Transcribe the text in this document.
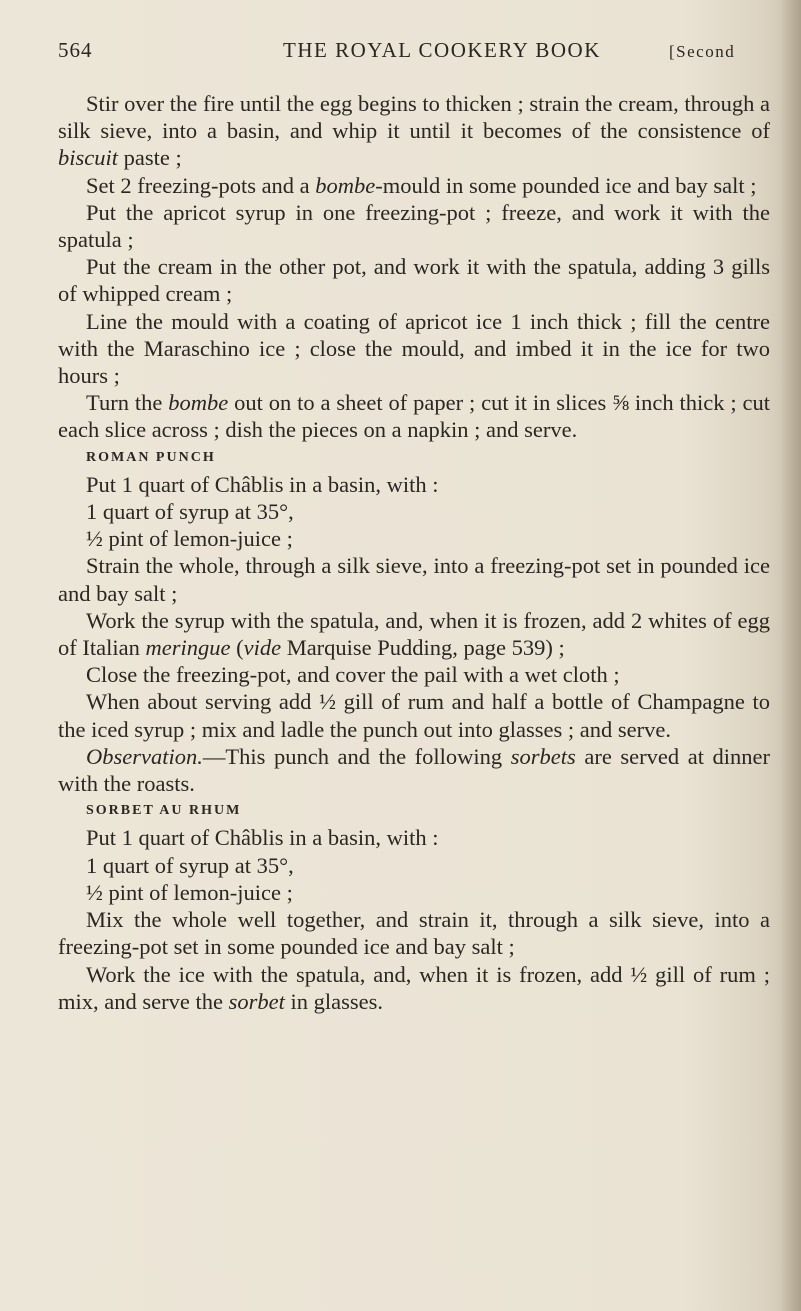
564	THE ROYAL COOKERY BOOK	[Second

Stir over the fire until the egg begins to thicken ; strain the cream, through a silk sieve, into a basin, and whip it until it becomes of the consistence of biscuit paste ;

Set 2 freezing-pots and a bombe-mould in some pounded ice and bay salt ;

Put the apricot syrup in one freezing-pot ; freeze, and work it with the spatula ;

Put the cream in the other pot, and work it with the spatula, adding 3 gills of whipped cream ;

Line the mould with a coating of apricot ice 1 inch thick ; fill the centre with the Maraschino ice ; close the mould, and imbed it in the ice for two hours ;

Turn the bombe out on to a sheet of paper ; cut it in slices ⅝ inch thick ; cut each slice across ; dish the pieces on a napkin ; and serve.

ROMAN PUNCH

Put 1 quart of Châblis in a basin, with :

1 quart of syrup at 35°,

½ pint of lemon-juice ;

Strain the whole, through a silk sieve, into a freezing-pot set in pounded ice and bay salt ;

Work the syrup with the spatula, and, when it is frozen, add 2 whites of egg of Italian meringue (vide Marquise Pudding, page 539) ;

Close the freezing-pot, and cover the pail with a wet cloth ;

When about serving add ½ gill of rum and half a bottle of Champagne to the iced syrup ; mix and ladle the punch out into glasses ; and serve.

Observation.—This punch and the following sorbets are served at dinner with the roasts.

SORBET AU RHUM

Put 1 quart of Châblis in a basin, with :

1 quart of syrup at 35°,

½ pint of lemon-juice ;

Mix the whole well together, and strain it, through a silk sieve, into a freezing-pot set in some pounded ice and bay salt ;

Work the ice with the spatula, and, when it is frozen, add ½ gill of rum ; mix, and serve the sorbet in glasses.
